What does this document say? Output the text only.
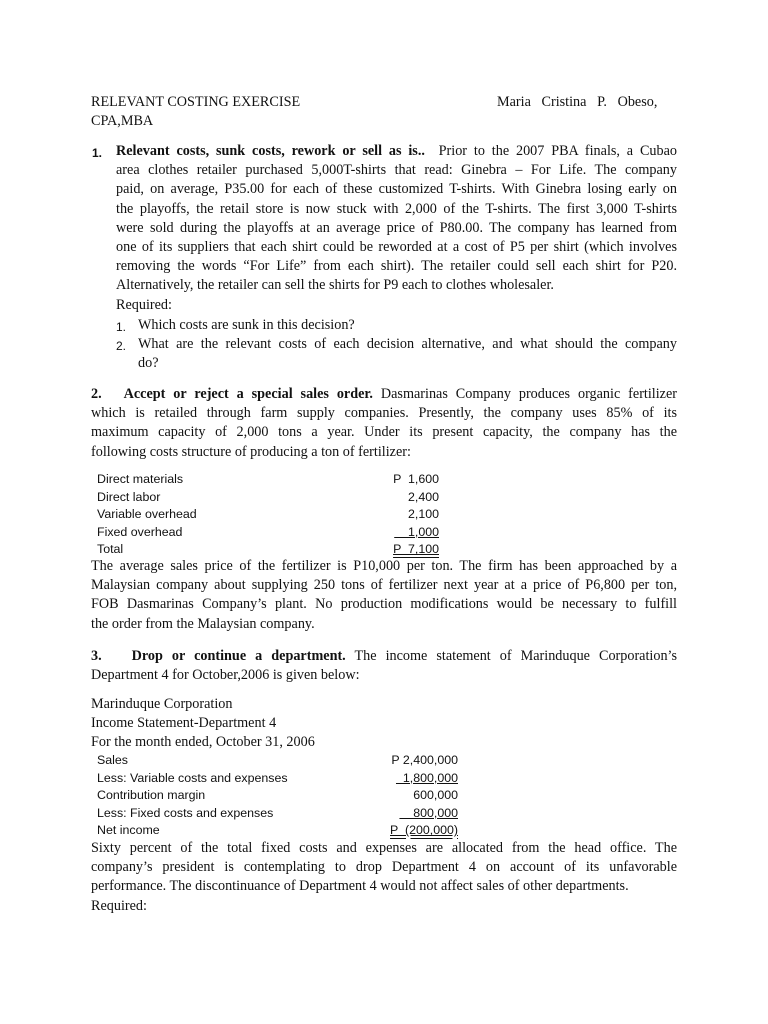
RELEVANT COSTING EXERCISE	Maria   Cristina   P.   Obeso,
CPA,MBA
1. Relevant costs, sunk costs, rework or sell as is.. Prior to the 2007 PBA finals, a Cubao
area clothes retailer purchased 5,000T-shirts that read: Ginebra – For Life. The company
paid, on average, P35.00 for each of these customized T-shirts. With Ginebra losing early on
the playoffs, the retail store is now stuck with 2,000 of the T-shirts. The first 3,000 T-shirts
were sold during the playoffs at an average price of P80.00. The company has learned from
one of its suppliers that each shirt could be reworded at a cost of P5 per shirt (which involves
removing the words “For Life” from each shirt). The retailer could sell each shirt for P20.
Alternatively, the retailer can sell the shirts for P9 each to clothes wholesaler.
Required:
1. Which costs are sunk in this decision?
2. What are the relevant costs of each decision alternative, and what should the company
do?
2. Accept or reject a special sales order. Dasmarinas Company produces organic fertilizer
which is retailed through farm supply companies. Presently, the company uses 85% of its
maximum capacity of 2,000 tons a year. Under its present capacity, the company has the
following costs structure of producing a ton of fertilizer:
Direct materials	P  1,600
Direct labor	2,400
Variable overhead	2,100
Fixed overhead	1,000
Total	P  7,100
The average sales price of the fertilizer is P10,000 per ton. The firm has been approached by a
Malaysian company about supplying 250 tons of fertilizer next year at a price of P6,800 per ton,
FOB Dasmarinas Company’s plant. No production modifications would be necessary to fulfill
the order from the Malaysian company.
3. Drop or continue a department. The income statement of Marinduque Corporation’s
Department 4 for October,2006 is given below:
Marinduque Corporation
Income Statement-Department 4
For the month ended, October 31, 2006
Sales	P 2,400,000
Less: Variable costs and expenses	1,800,000
Contribution margin	600,000
Less: Fixed costs and expenses	800,000
Net income	P  (200,000)
Sixty percent of the total fixed costs and expenses are allocated from the head office. The
company’s president is contemplating to drop Department 4 on account of its unfavorable
performance. The discontinuance of Department 4 would not affect sales of other departments.
Required:
